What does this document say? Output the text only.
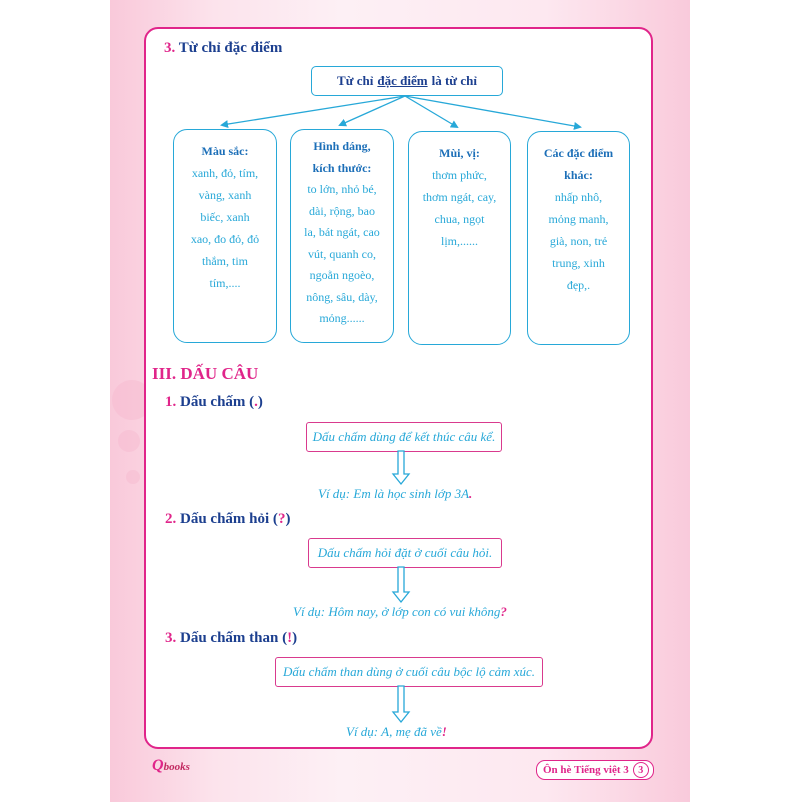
3. Từ chỉ đặc điểm
Từ chỉ đặc điểm là từ chỉ
Màu sắc:
xanh, đỏ, tím,
vàng, xanh
biếc, xanh
xao, đo đỏ, đỏ
thắm, tim
tím,....
Hình dáng,
kích thước:
to lớn, nhỏ bé,
dài, rộng, bao
la, bát ngát, cao
vút, quanh co,
ngoằn ngoèo,
nông, sâu, dày,
mỏng......
Mùi, vị:
thơm phức,
thơm ngát, cay,
chua, ngọt
lịm,......
Các đặc điểm
khác:
nhấp nhô,
mỏng manh,
già, non, trẻ
trung, xinh
đẹp,.
III. DẤU CÂU
1. Dấu chấm (.)
Dấu chấm dùng để kết thúc câu kể.
Ví dụ: Em là học sinh lớp 3A.
2. Dấu chấm hỏi (?)
Dấu chấm hỏi đặt ở cuối câu hỏi.
Ví dụ: Hôm nay, ở lớp con có vui không?
3. Dấu chấm than (!)
Dấu chấm than dùng ở cuối câu bộc lộ cảm xúc.
Ví dụ: A, mẹ đã về!
Qbooks	Ôn hè Tiếng việt 3 3
